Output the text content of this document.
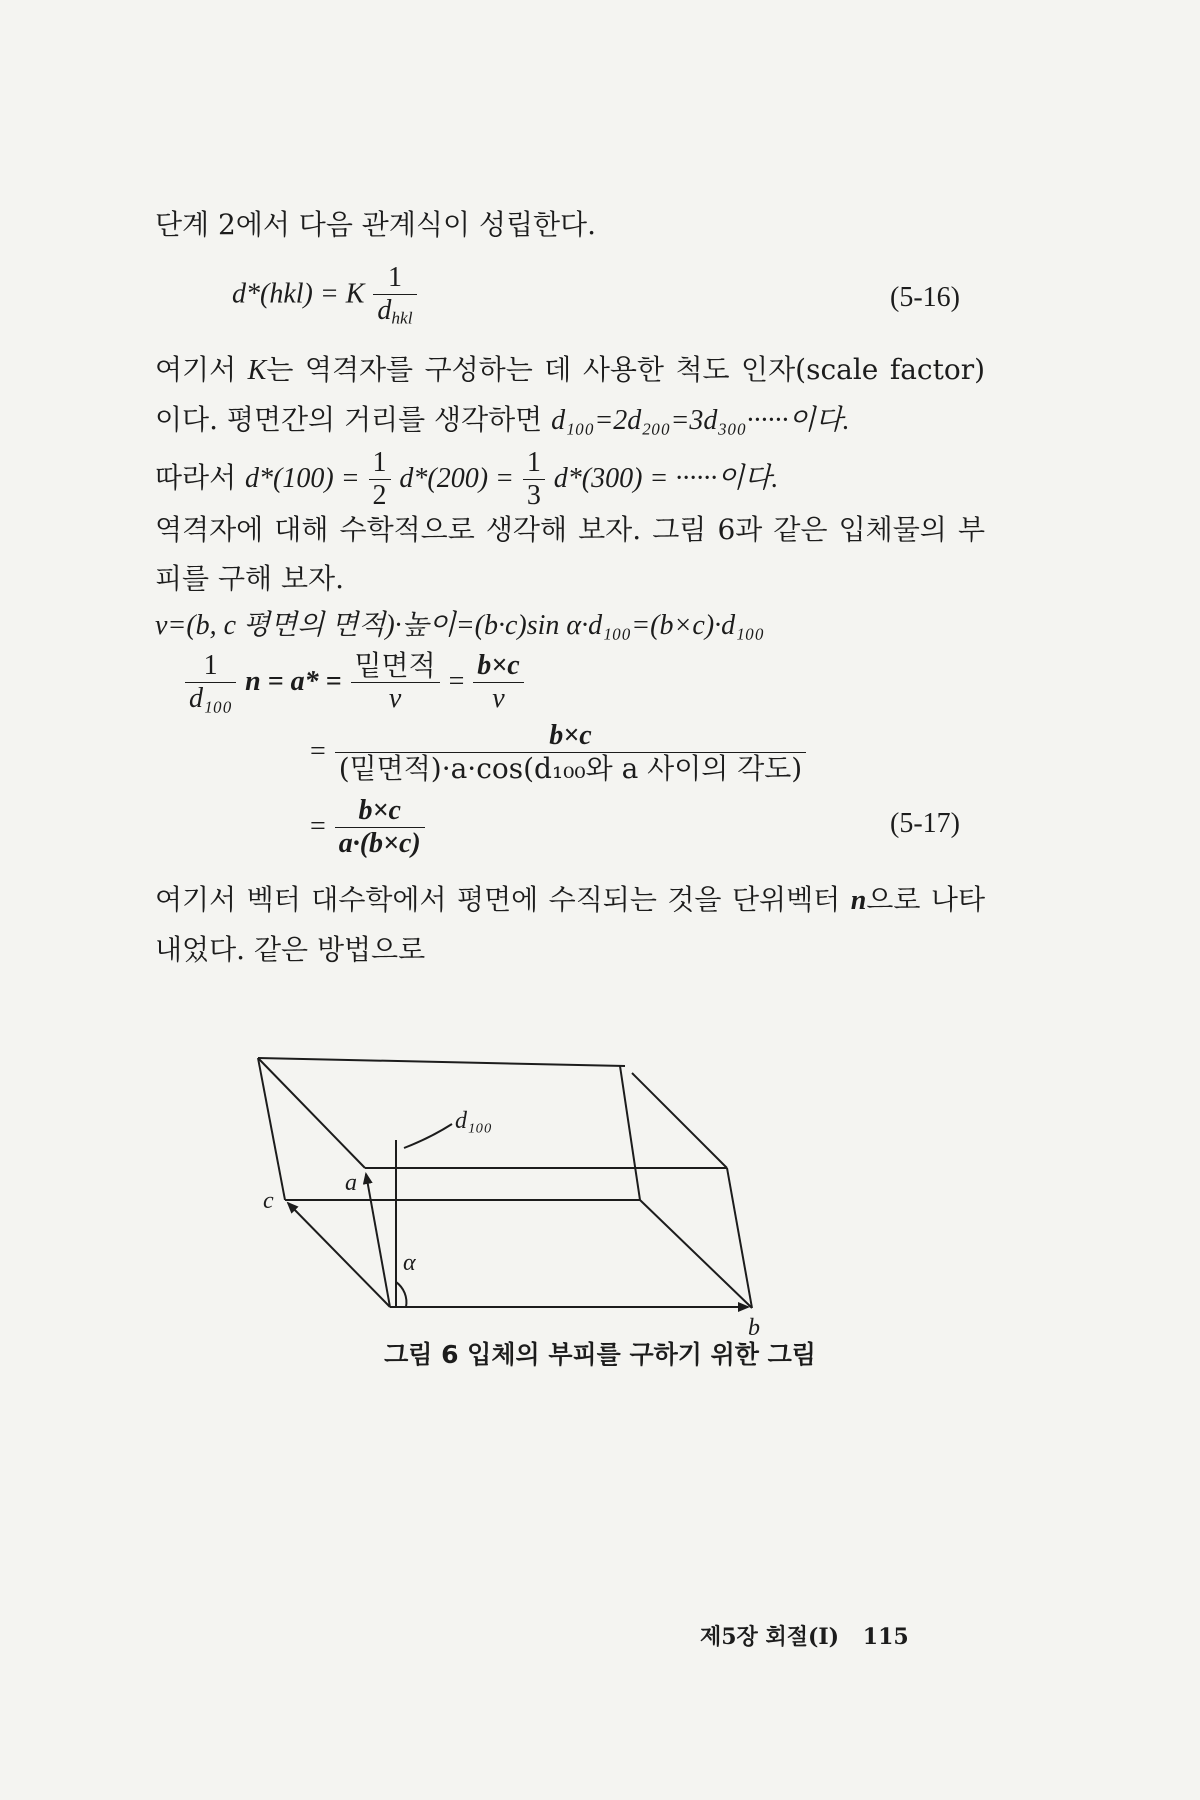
단계 2에서 다음 관계식이 성립한다.
d*(hkl) = K $\frac{1}{d_{hkl}}$	(5-16)
여기서 K는 역격자를 구성하는 데 사용한 척도 인자(scale factor)이다. 평면간의 거리를 생각하면 d₁₀₀=2d₂₀₀=3d₃₀₀······이다.
따라서 $d*(100) = \frac{1}{2} d*(200) = \frac{1}{3} d*(300)$ = ······이다.
역격자에 대해 수학적으로 생각해 보자. 그림 6과 같은 입체물의 부피를 구해 보자.
v=(b, c 평면의 면적)·높이=(b·c)sin α·d₁₀₀=(b×c)·d₁₀₀
$\frac{1}{\text{d₁₀₀}}$ $n = a* = \frac{\text{밑면적}}{v} = \frac{b\times c}{v}$
= $\frac{b\times c}{\text{(밑면적)·a·cos(d₁₀₀와 a 사이의 각도)}}$
= $\frac{b\times c}{a\cdot(b\times c)}$	(5-17)
여기서 벡터 대수학에서 평면에 수직되는 것을 단위벡터 n으로 나타내었다. 같은 방법으로
d₁₀₀
a
c
α
b
그림 6 입체의 부피를 구하기 위한 그림
제5장 회절(Ⅰ) 115
